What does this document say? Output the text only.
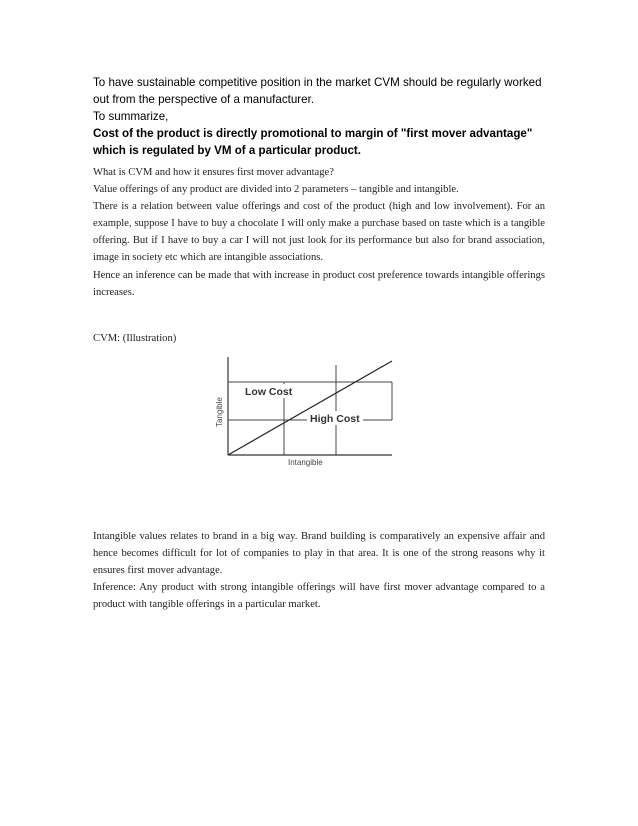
To have sustainable competitive position in the market CVM should be regularly worked out from the perspective of a manufacturer.

To summarize,

Cost of the product is directly promotional to margin of "first mover advantage" which is regulated by VM of a particular product.

What is CVM and how it ensures first mover advantage?

Value offerings of any product are divided into 2 parameters – tangible and intangible.

There is a relation between value offerings and cost of the product (high and low involvement). For an example, suppose I have to buy a chocolate I will only make a purchase based on taste which is a tangible offering. But if I have to buy a car I will not just look for its performance but also for brand association, image in society etc which are intangible associations.

Hence an inference can be made that with increase in product cost preference towards intangible offerings increases.

CVM: (Illustration)

Low Cost
High Cost
Intangible
Tangible

Intangible values relates to brand in a big way. Brand building is comparatively an expensive affair and hence becomes difficult for lot of companies to play in that area. It is one of the strong reasons why it ensures first mover advantage.

Inference: Any product with strong intangible offerings will have first mover advantage compared to a product with tangible offerings in a particular market.
